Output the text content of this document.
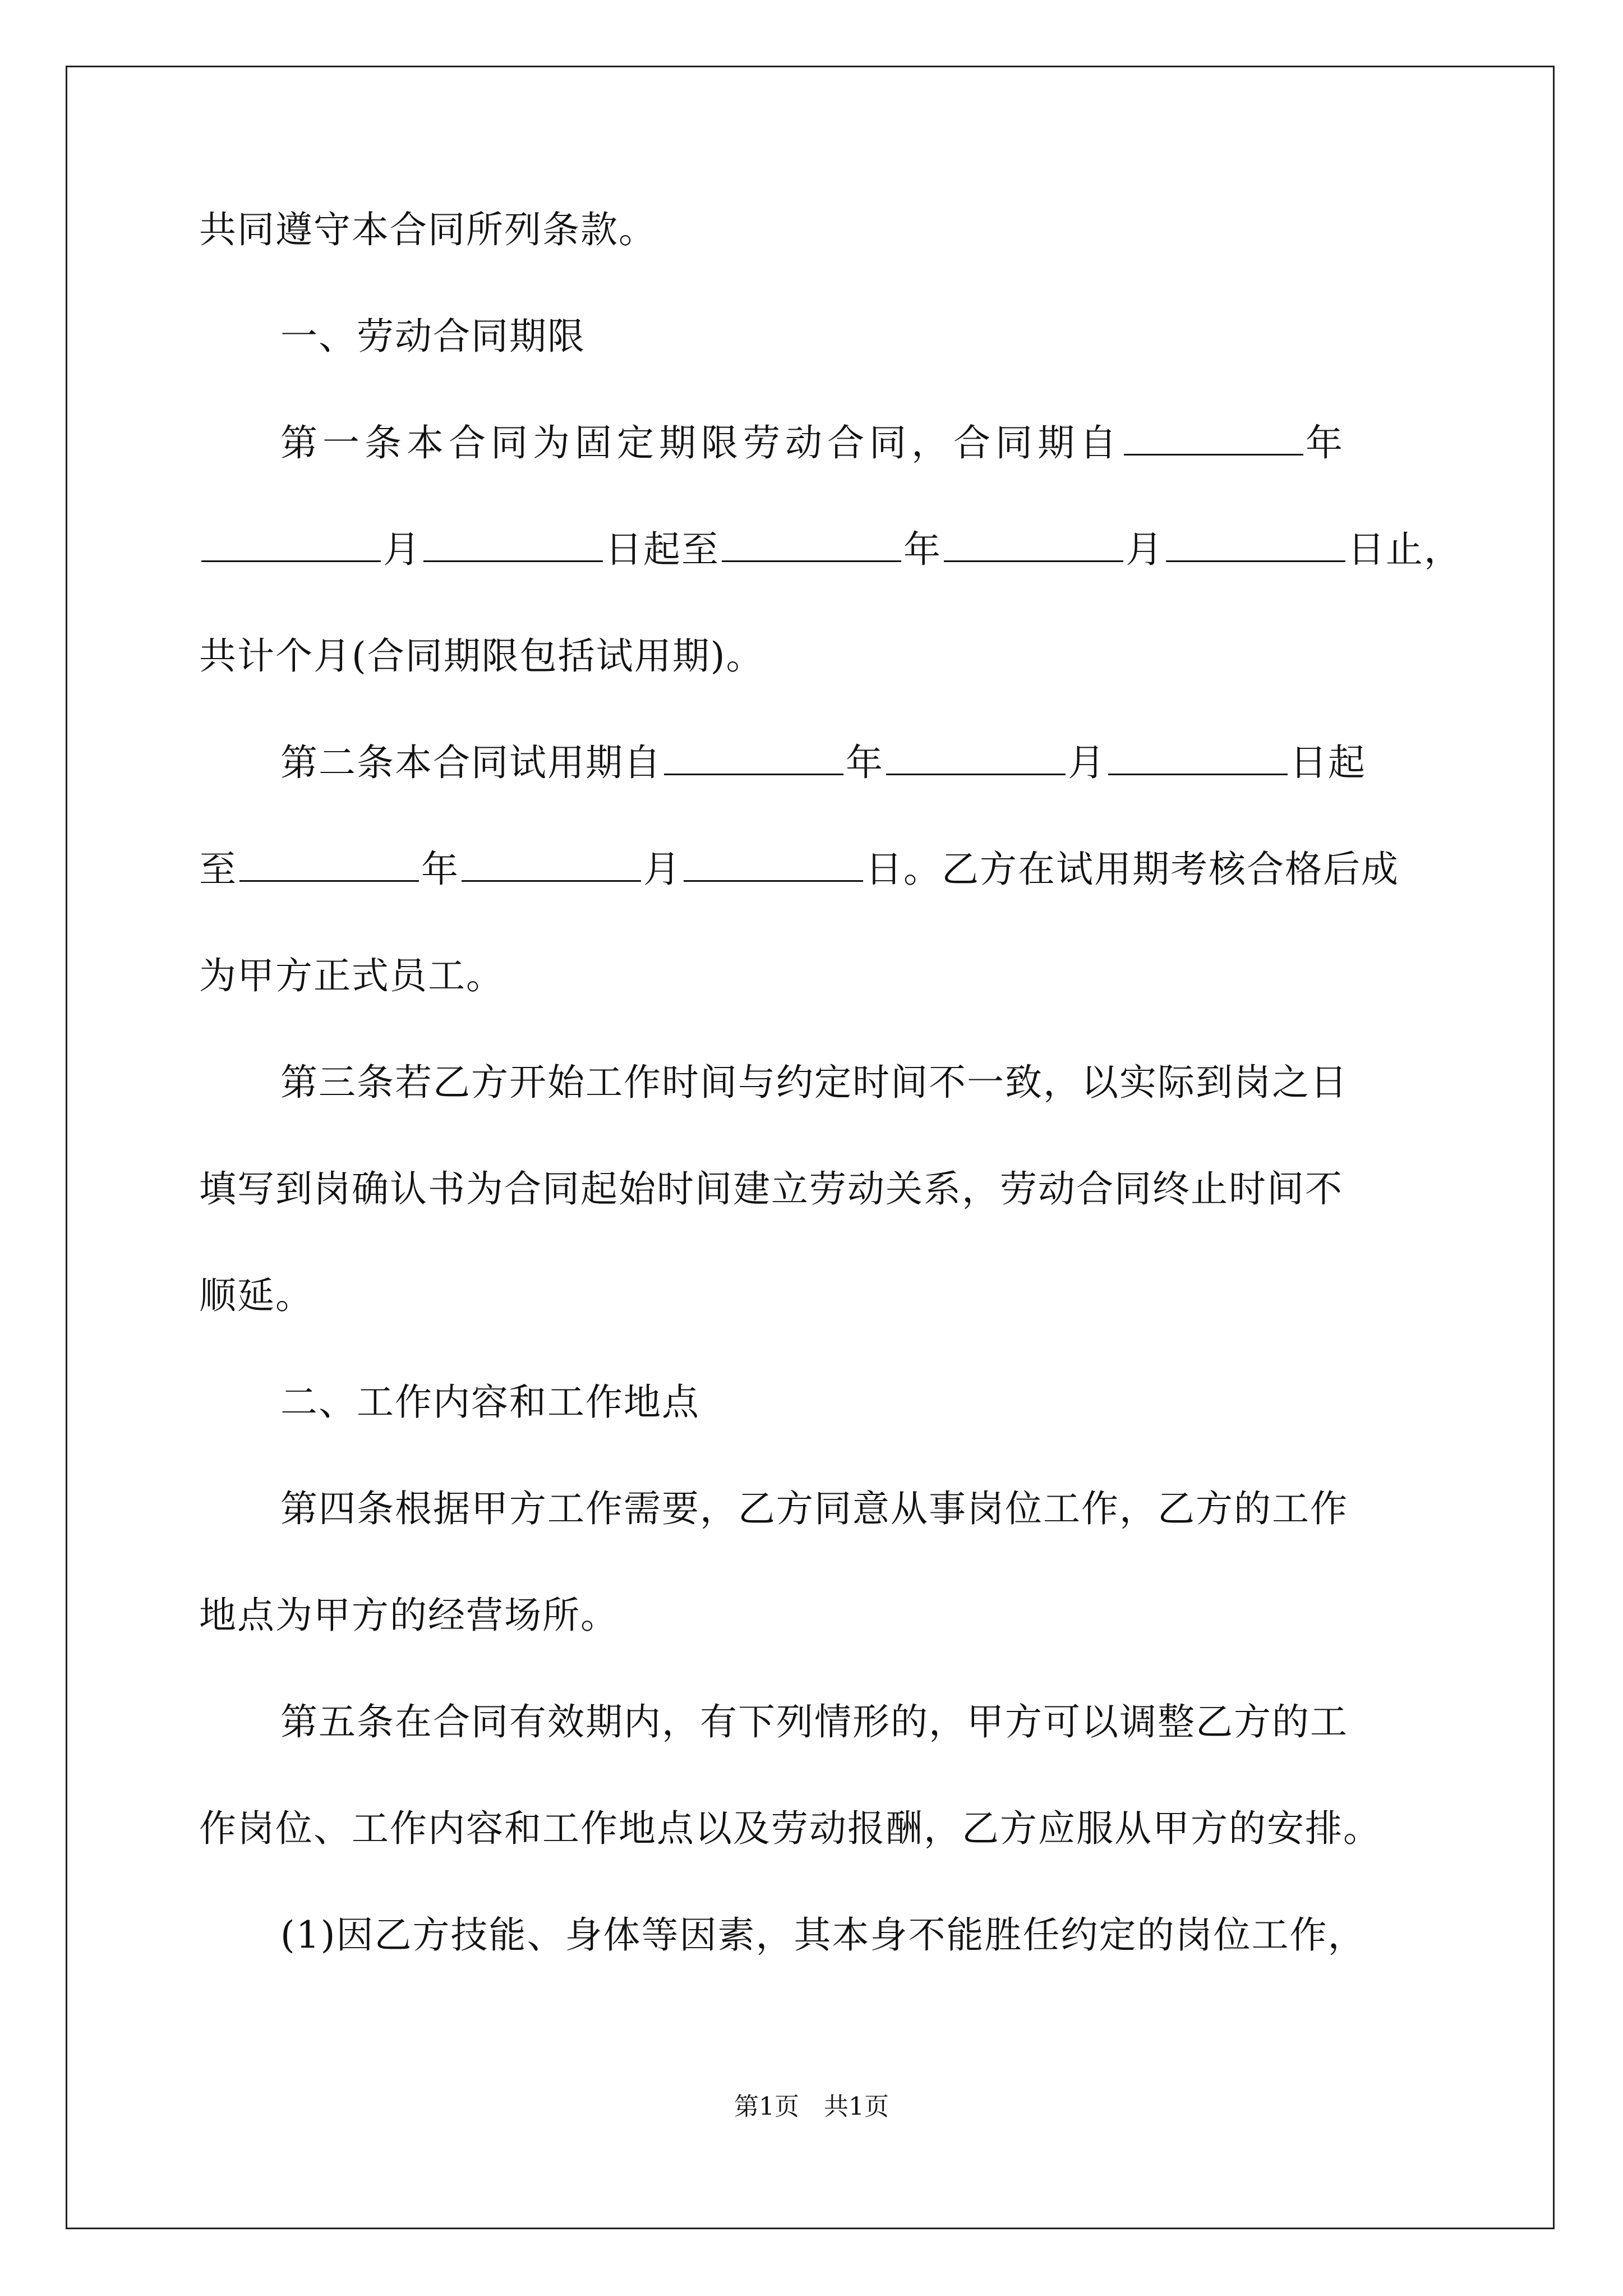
共同遵守本合同所列条款。
一、劳动合同期限
第一条本合同为固定期限劳动合同，合同期自	年
月	日起至	年	月	日止，
共计个月(合同期限包括试用期)。
第二条本合同试用期自	年	月	日起
至	年	月	日。乙方在试用期考核合格后成
为甲方正式员工。
第三条若乙方开始工作时间与约定时间不一致，以实际到岗之日
填写到岗确认书为合同起始时间建立劳动关系，劳动合同终止时间不
顺延。
二、工作内容和工作地点
第四条根据甲方工作需要，乙方同意从事岗位工作，乙方的工作
地点为甲方的经营场所。
第五条在合同有效期内，有下列情形的，甲方可以调整乙方的工
作岗位、工作内容和工作地点以及劳动报酬，乙方应服从甲方的安排。
(1)因乙方技能、身体等因素，其本身不能胜任约定的岗位工作，
第1页　共1页
